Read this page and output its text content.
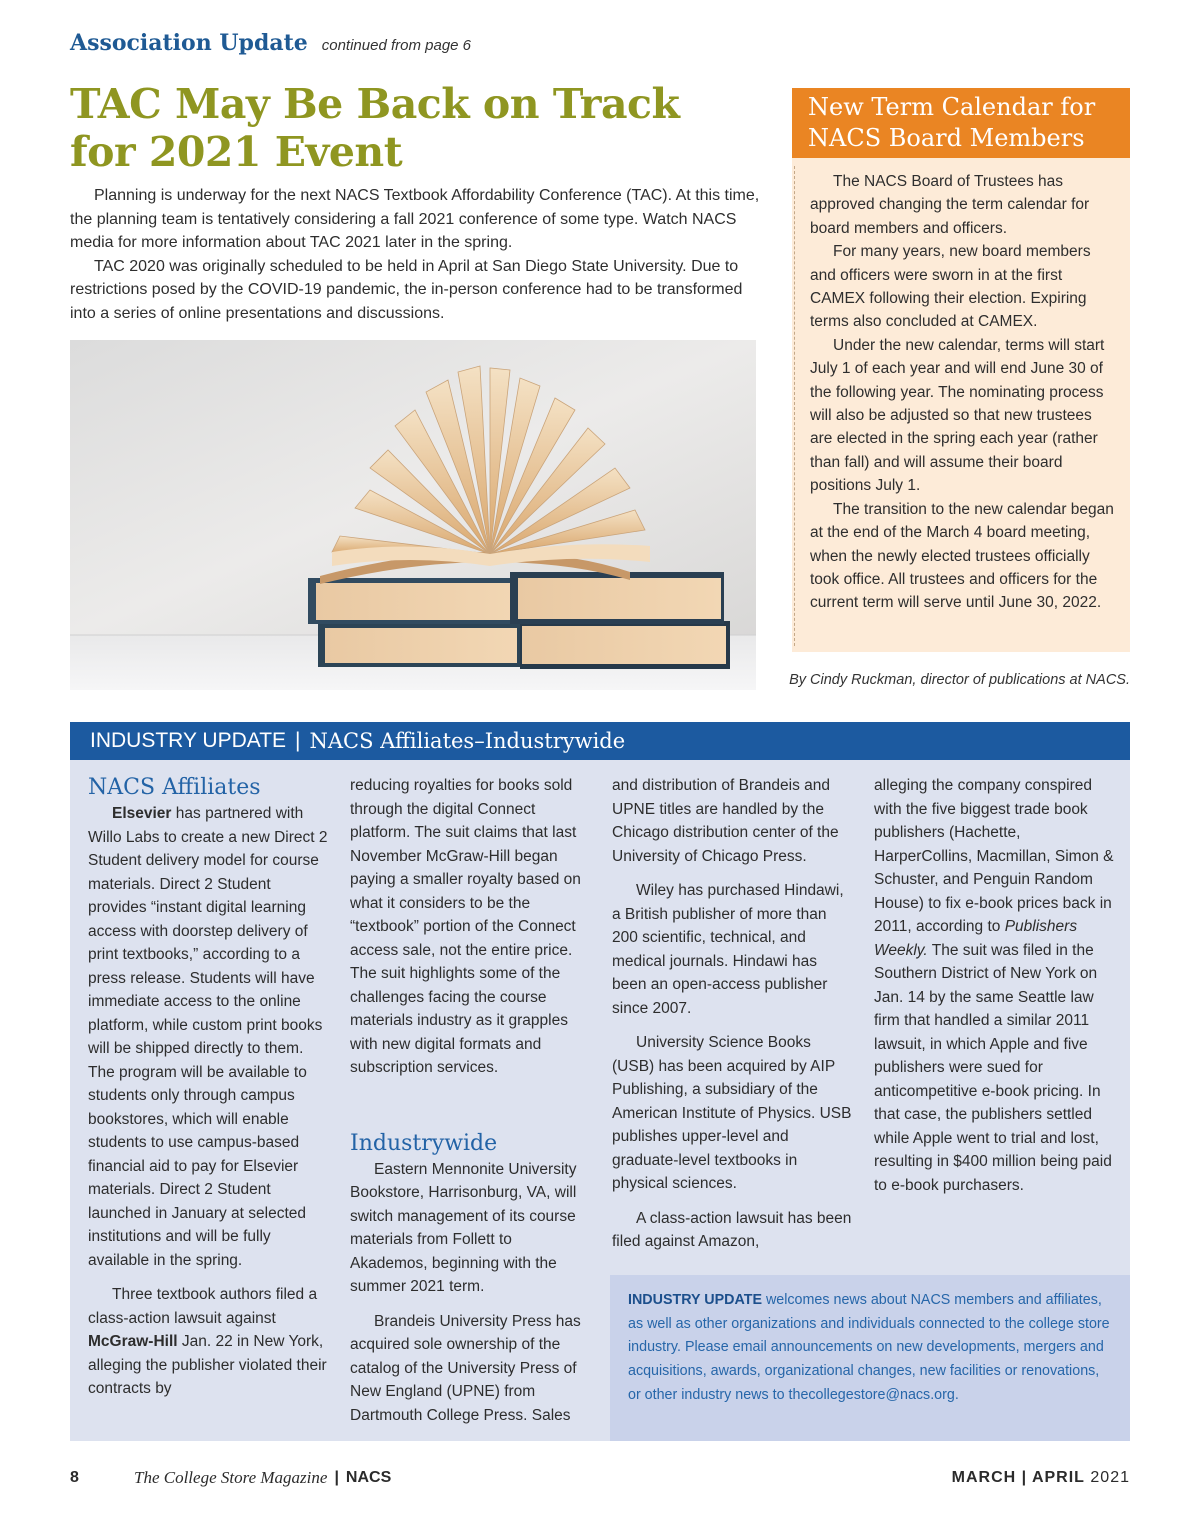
Association Update continued from page 6
TAC May Be Back on Track
for 2021 Event

Planning is underway for the next NACS Textbook Affordability Conference (TAC). At this time, the planning team is tentatively considering a fall 2021 conference of some type. Watch NACS media for more information about TAC 2021 later in the spring.

TAC 2020 was originally scheduled to be held in April at San Diego State University. Due to restrictions posed by the COVID-19 pandemic, the in-person conference had to be transformed into a series of online presentations and discussions.

New Term Calendar for
NACS Board Members

The NACS Board of Trustees has approved changing the term calendar for board members and officers.

For many years, new board members and officers were sworn in at the first CAMEX following their election. Expiring terms also concluded at CAMEX.

Under the new calendar, terms will start July 1 of each year and will end June 30 of the following year. The nominating process will also be adjusted so that new trustees are elected in the spring each year (rather than fall) and will assume their board positions July 1.

The transition to the new calendar began at the end of the March 4 board meeting, when the newly elected trustees officially took office. All trustees and officers for the current term will serve until June 30, 2022.

By Cindy Ruckman, director of publications at NACS.
INDUSTRY UPDATE | NACS Affiliates–Industrywide
NACS Affiliates

Elsevier has partnered with Willo Labs to create a new Direct 2 Student delivery model for course materials. Direct 2 Student provides “instant digital learning access with doorstep delivery of print textbooks,” according to a press release. Students will have immediate access to the online platform, while custom print books will be shipped directly to them. The program will be available to students only through campus bookstores, which will enable students to use campus-based financial aid to pay for Elsevier materials. Direct 2 Student launched in January at selected institutions and will be fully available in the spring.

Three textbook authors filed a class-action lawsuit against McGraw-Hill Jan. 22 in New York, alleging the publisher violated their contracts by

reducing royalties for books sold through the digital Connect platform. The suit claims that last November McGraw-Hill began paying a smaller royalty based on what it considers to be the “textbook” portion of the Connect access sale, not the entire price. The suit highlights some of the challenges facing the course materials industry as it grapples with new digital formats and subscription services.

Industrywide

Eastern Mennonite University Bookstore, Harrisonburg, VA, will switch management of its course materials from Follett to Akademos, beginning with the summer 2021 term.

Brandeis University Press has acquired sole ownership of the catalog of the University Press of New England (UPNE) from Dartmouth College Press. Sales

and distribution of Brandeis and UPNE titles are handled by the Chicago distribution center of the University of Chicago Press.

Wiley has purchased Hindawi, a British publisher of more than 200 scientific, technical, and medical journals. Hindawi has been an open-access publisher since 2007.

University Science Books (USB) has been acquired by AIP Publishing, a subsidiary of the American Institute of Physics. USB publishes upper-level and graduate-level textbooks in physical sciences.

A class-action lawsuit has been filed against Amazon,

alleging the company conspired with the five biggest trade book publishers (Hachette, HarperCollins, Macmillan, Simon & Schuster, and Penguin Random House) to fix e-book prices back in 2011, according to Publishers Weekly. The suit was filed in the Southern District of New York on Jan. 14 by the same Seattle law firm that handled a similar 2011 lawsuit, in which Apple and five publishers were sued for anticompetitive e-book pricing. In that case, the publishers settled while Apple went to trial and lost, resulting in $400 million being paid to e-book purchasers.

INDUSTRY UPDATE welcomes news about NACS members and affiliates, as well as other organizations and individuals connected to the college store industry. Please email announcements on new developments, mergers and acquisitions, awards, organizational changes, new facilities or renovations, or other industry news to thecollegestore@nacs.org.
8	The College Store Magazine | NACS	MARCH | APRIL 2021
